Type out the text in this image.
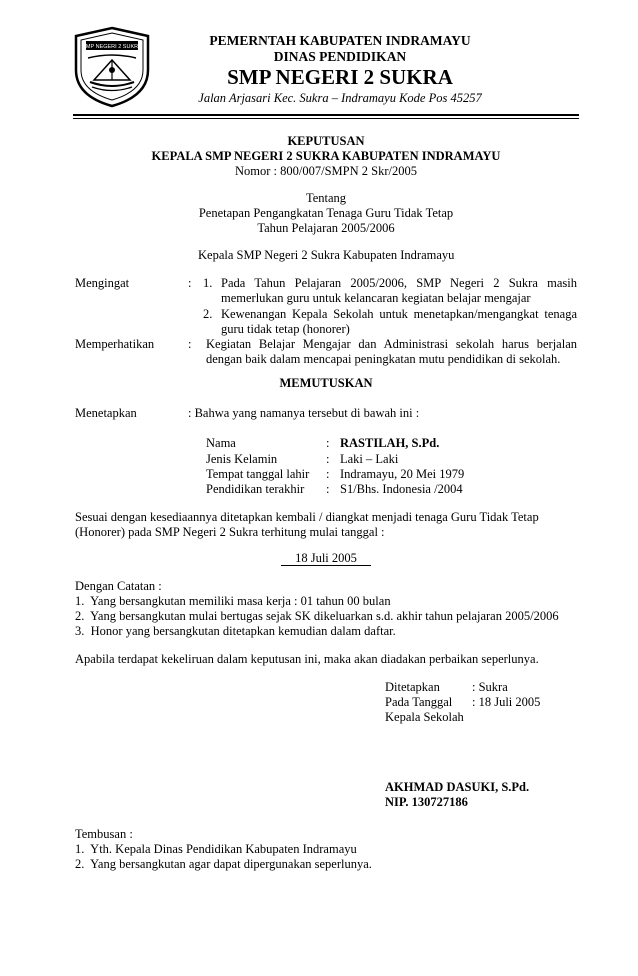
SMP NEGERI 2 SUKRA	PEMERNTAH KABUPATEN INDRAMAYU
DINAS PENDIDIKAN
SMP NEGERI 2 SUKRA
Jalan Arjasari Kec. Sukra – Indramayu Kode Pos 45257
KEPUTUSAN
KEPALA SMP NEGERI 2 SUKRA KABUPATEN INDRAMAYU
Nomor : 800/007/SMPN 2 Skr/2005
Tentang
Penetapan Pengangkatan Tenaga Guru Tidak Tetap
Tahun Pelajaran 2005/2006
Kepala SMP Negeri 2 Sukra Kabupaten Indramayu
Mengingat	: 1. Pada Tahun Pelajaran 2005/2006, SMP Negeri 2 Sukra masih memerlukan guru untuk kelancaran kegiatan belajar mengajar
2. Kewenangan Kepala Sekolah untuk menetapkan/mengangkat tenaga guru tidak tetap (honorer)
Memperhatikan	: Kegiatan Belajar Mengajar dan Administrasi sekolah harus berjalan dengan baik dalam mencapai peningkatan mutu pendidikan di sekolah.
MEMUTUSKAN
Menetapkan	: Bahwa yang namanya tersebut di bawah ini :
Nama	: RASTILAH, S.Pd.
Jenis Kelamin	: Laki – Laki
Tempat tanggal lahir : Indramayu, 20 Mei 1979
Pendidikan terakhir : S1/Bhs. Indonesia /2004
Sesuai dengan kesediaannya ditetapkan kembali / diangkat menjadi tenaga Guru Tidak Tetap (Honorer) pada SMP Negeri 2 Sukra terhitung mulai tanggal :
18 Juli 2005
Dengan Catatan :
1.  Yang bersangkutan memiliki masa kerja : 01 tahun 00 bulan
2.  Yang bersangkutan mulai bertugas sejak SK dikeluarkan s.d. akhir tahun pelajaran 2005/2006
3.  Honor yang bersangkutan ditetapkan kemudian dalam daftar.
Apabila terdapat kekeliruan dalam keputusan ini, maka akan diadakan perbaikan seperlunya.
Ditetapkan	: Sukra
Pada Tanggal : 18 Juli 2005
Kepala Sekolah
AKHMAD DASUKI, S.Pd.
NIP. 130727186
Tembusan :
1.  Yth. Kepala Dinas Pendidikan Kabupaten Indramayu
2.  Yang bersangkutan agar dapat dipergunakan seperlunya.
